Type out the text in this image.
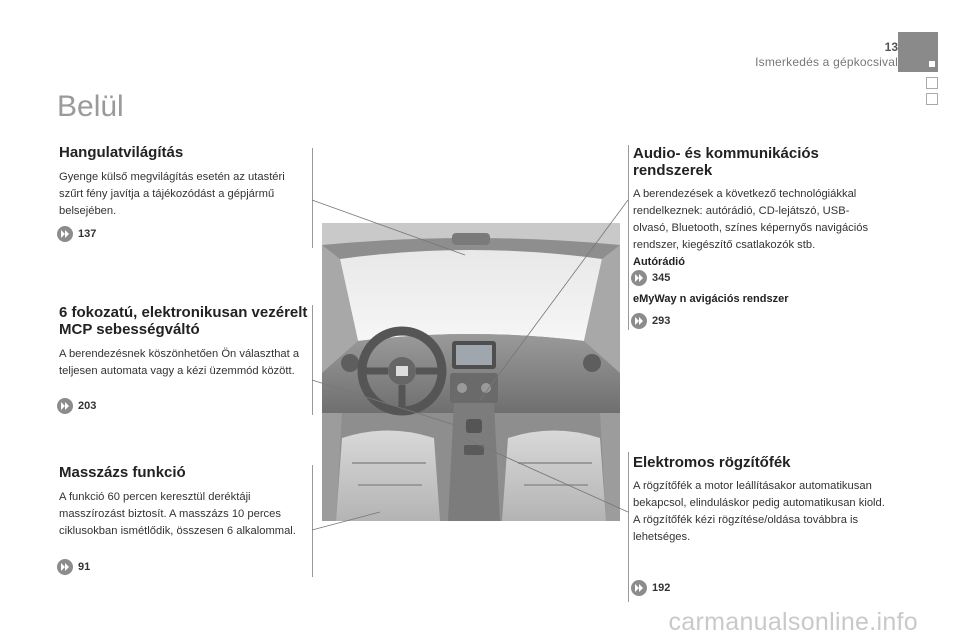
13
Ismerkedés a gépkocsival
Belül
Hangulatvilágítás
Gyenge külső megvilágítás esetén az utastéri szűrt fény javítja a tájékozódást a gépjármű belsejében.
137
6 fokozatú, elektronikusan vezérelt MCP sebességváltó
A berendezésnek köszönhetően Ön választhat a teljesen automata vagy a kézi üzemmód között.
203
Masszázs funkció
A funkció 60 percen keresztül deréktáji masszírozást biztosít. A masszázs 10 perces ciklusokban ismétlődik, összesen 6 alkalommal.
91
Audio- és kommunikációs rendszerek
A berendezések a következő technológiákkal rendelkeznek: autórádió, CD-lejátszó, USB-olvasó, Bluetooth, színes képernyős navigációs rendszer, kiegészítő csatlakozók stb.
Autórádió
345
eMyWay n avigációs rendszer
293
Elektromos rögzítőfék
A rögzítőfék a motor leállításakor automatikusan bekapcsol, elinduláskor pedig automatikusan kiold. A rögzítőfék kézi rögzítése/oldása továbbra is lehetséges.
192
carmanualsonline.info
